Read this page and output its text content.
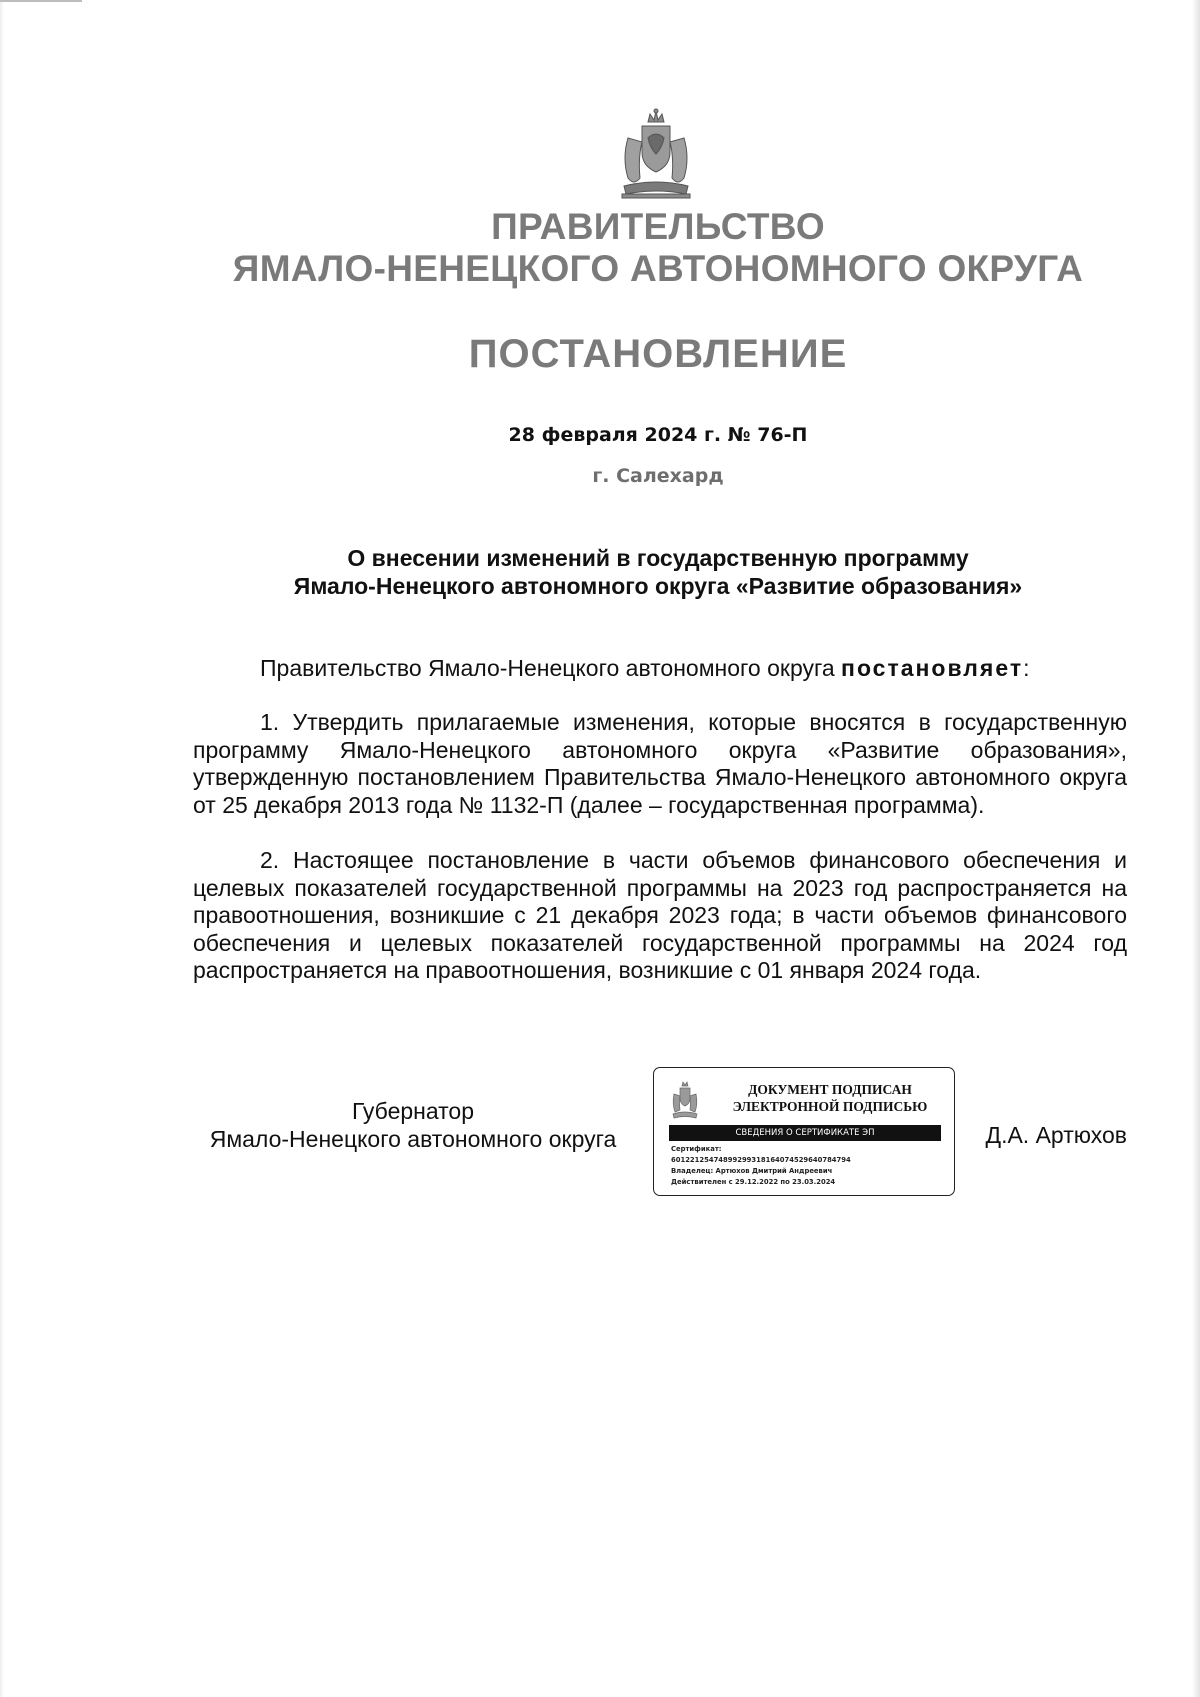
ПРАВИТЕЛЬСТВО
ЯМАЛО-НЕНЕЦКОГО АВТОНОМНОГО ОКРУГА
ПОСТАНОВЛЕНИЕ
28 февраля 2024 г. № 76-П
г. Салехард
О внесении изменений в государственную программу
Ямало-Ненецкого автономного округа «Развитие образования»
Правительство Ямало-Ненецкого автономного округа постановляет:
1. Утвердить прилагаемые изменения, которые вносятся в государственную программу Ямало-Ненецкого автономного округа «Развитие образования», утвержденную постановлением Правительства Ямало-Ненецкого автономного округа от 25 декабря 2013 года № 1132-П (далее – государственная программа).
2. Настоящее постановление в части объемов финансового обеспечения и целевых показателей государственной программы на 2023 год распространяется на правоотношения, возникшие с 21 декабря 2023 года; в части объемов финансового обеспечения и целевых показателей государственной программы на 2024 год распространяется на правоотношения, возникшие с 01 января 2024 года.
Губернатор
Ямало-Ненецкого автономного округа
ДОКУМЕНТ ПОДПИСАН
ЭЛЕКТРОННОЙ ПОДПИСЬЮ
СВЕДЕНИЯ О СЕРТИФИКАТЕ ЭП
Сертификат:
60122125474899299318164074529640784794
Владелец: Артюхов Дмитрий Андреевич
Действителен с 29.12.2022 по 23.03.2024
Д.А. Артюхов
